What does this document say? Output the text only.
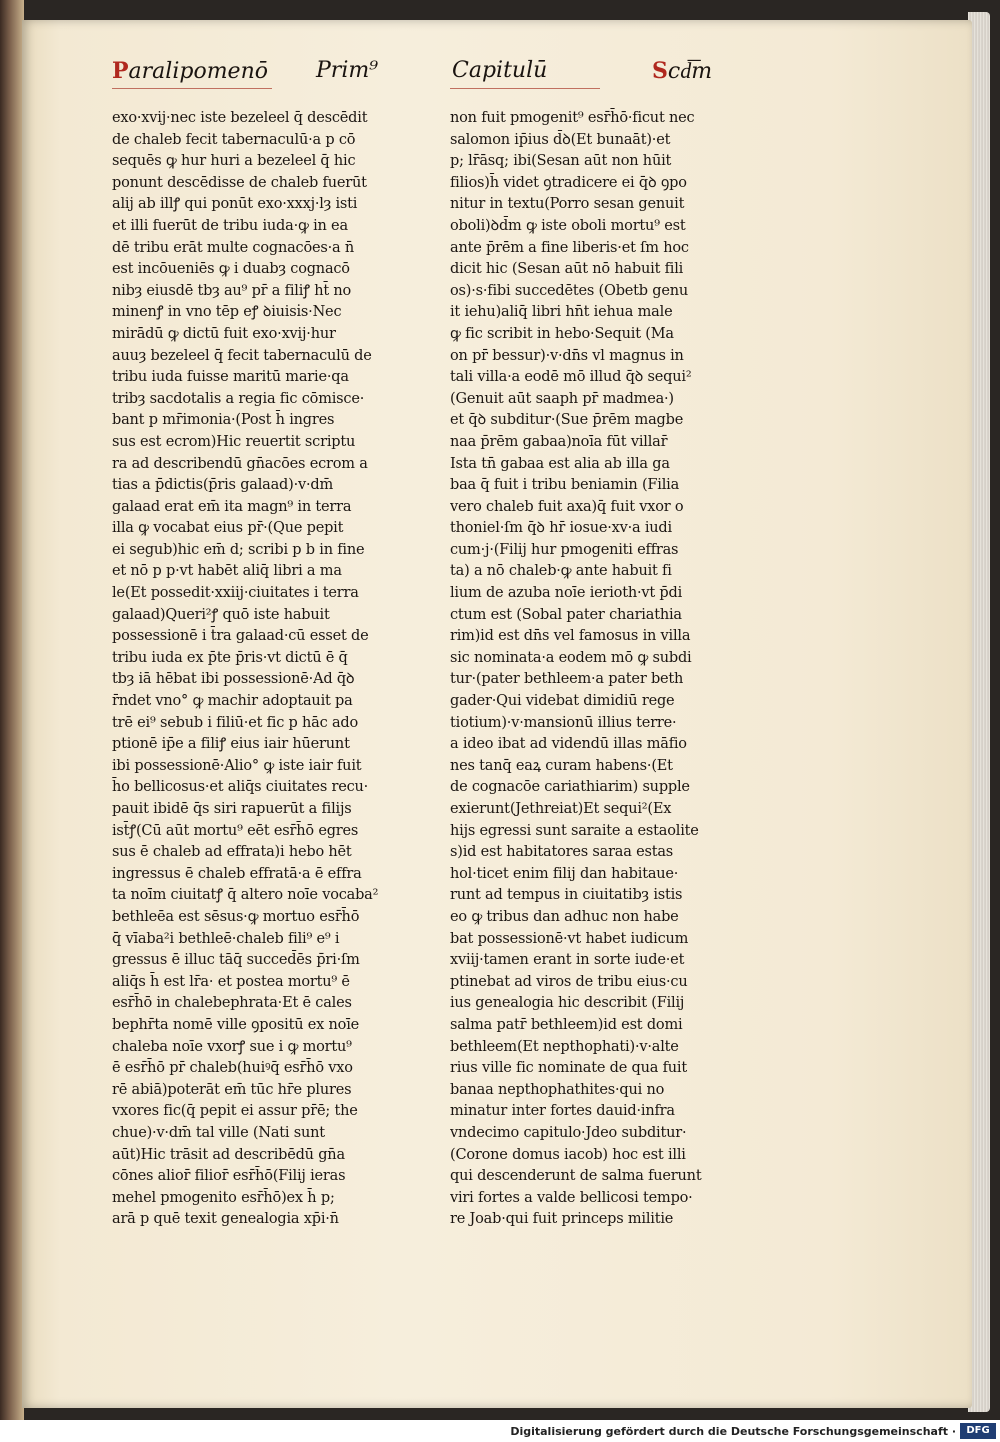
Paralipomenō Prim⁹	Capitulū	Scd͞m
exo·xvij·nec iste bezeleel q̄ descēdit
de chaleb fecit tabernaculū·a p cō
sequēs ꝙ hur huri a bezeleel q̄ hic
ponunt descēdisse de chaleb fuerūt
alij ab illꝭ qui ponūt exo·xxxj·lȝ isti
et illi fuerūt de tribu iuda·ꝙ in ea
dē tribu erāt multe cognacōes·a n̄
est incōueniēs ꝙ i duabȝ cognacō
nibȝ eiusdē tbȝ au⁹ pr̄ a filiꝭ ht̄ no
minenꝭ in vno tēp eꝭ ꝺiuisi̇s·Nec
mirādū ꝙ dictū fuit exo·xvij·hur
auuȝ bezeleel q̄ fecit tabernaculū de
tribu iuda fuisse maritū marie·qa
tribȝ sacdotalis a regia fic cōmisce·
bant p mr̄imonia·(Post h̄ ingres
sus est ecrom)Hic reuertit scriptu
ra ad describendū gn̄acōes ecrom a
tias a p̄dictis(p̄ris galaad)·v·dm̄
galaad erat em̄ ita magn⁹ in terra
illa ꝙ vocabat eius pr̄·(Que pepit
ei segub)hic em̄ d; scribi p b in fine
et nō p p·vt habēt aliq̄ libri a ma
le(Et possedit·xxiij·ciuitates i terra
galaad)Queri²ꝭ quō iste habuit
possessionē i t̄ra galaad·cū esset de
tribu iuda ex p̄te p̄ris·vt dictū ē q̄
tbȝ iā hēbat ibi possessionē·Ad q̄ꝺ
r̄ndet vno° ꝙ machir adoptauit pa
trē ei⁹ sebub i filiū·et fic p hāc ado
ptionē ip̄e a filiꝭ eius iair hūerunt
ibi possessionē·Alio° ꝙ iste iair fuit
h̄o bellicosus·et aliq̄s ciuitates recu·
pauit ibidē q̄s siri rapuerūt a filijs
ist̄ꝭ(Cū aūt mortu⁹ eēt esr̄h̄ō egres
sus ē chaleb ad effrata)i hebo hēt
ingressus ē chaleb effratā·a ē effra
ta noīm ciuitatꝭ q̄ altero noīe vocaba²
bethleēa est sēsus·ꝙ mortuo esr̄h̄ō
q̄ vīaba²i bethleē·chaleb fili⁹ e⁹ i
gressus ē illuc tāq̄ succed̄ēs p̄ri·ſm
aliq̄s h̄ est lr̄a· et postea mortu⁹ ē
esr̄h̄ō in chalebephrata·Et ē cales
bephr̄ta nomē ville ꝯpositū ex noīe
chaleba noīe vxorꝭ sue i ꝙ mortu⁹
ē esr̄h̄ō pr̄ chaleb(huiꝰq̄ esr̄h̄ō vxo
rē abiā)poterāt em̄ tūc hr̄e plures
vxores fic(q̄ pepit ei assur pr̄ē; the
chue)·v·dm̄ tal ville (Nati sunt
aūt)Hic trāsit ad describēdū gn̄a
cōnes alior̄ filior̄ esr̄h̄ō(Filij ieras
mehel pmogenito esr̄h̄ō)ex h̄ p;
arā p quē texit genealogia xp̄i·n̄
non fuit pmogenit⁹ esr̄h̄ō·ficut nec
salomon ip̄ius d̄ꝺ(Et bunaāt)·et
p; lr̄āsq; ibi(Sesan aūt non hūit
filios)h̄ videt ꝯtradicere ei q̄ꝺ ꝯpo
nitur in textu(Porro sesan genuit
oboli)ꝺd̄m ꝙ iste oboli mortu⁹ est
ante p̄rēm a fine liberis·et ſm hoc
dicit hic (Sesan aūt nō habuit fili
os)·s·fibi succedētes (Obetb genu
it iehu)aliq̄ libri hn̄t iehua male
ꝙ fic scribit in hebo·Sequit (Ma
on pr̄ bessur)·v·dn̄s vl magnus in
tali villa·a eodē mō illud q̄ꝺ sequi²
(Genuit aūt saaph pr̄ madmea·)
et q̄ꝺ subditur·(Sue p̄rēm magbe
naa p̄rēm gabaa)noīa fūt villar̄
Ista tn̄ gabaa est alia ab illa ga
baa q̄ fuit i tribu beniamin (Filia
vero chaleb fuit axa)q̄ fuit vxor o
thoniel·ſm q̄ꝺ hr̄ iosue·xv·a iudi
cum·j·(Filij hur pmogeniti effras
ta) a nō chaleb·ꝙ ante habuit fi
lium de azuba noīe ierioth·vt p̄di
ctum est (Sobal pater chariathia
rim)id est dn̄s vel famosus in villa
sic nominata·a eodem mō ꝙ subdi
tur·(pater bethleem·a pater beth
gader·Qui videbat dimidiū rege
tiotium)·v·mansionū illius terre·
a ideo ibat ad videndū illas māfio
nes tanq̄ eaꝝ curam habens·(Et
de cognacōe cariathiarim) supple
exierunt(Jethreiat)Et sequi²(Ex
hijs egressi sunt saraite a estaolite
s)id est habitatores saraa estas
hol·ticet enim filij dan habitaue·
runt ad tempus in ciuitatibȝ istis
eo ꝙ tribus dan adhuc non habe
bat possessionē·vt habet iudicum
xviij·tamen erant in sorte iude·et
ptinebat ad viros de tribu eius·cu
ius genealogia hic describit (Filij
salma patr̄ bethleem)id est domi
bethleem(Et nepthophati)·v·alte
rius ville fic nominate de qua fuit
banaa nepthophathites·qui no
minatur inter fortes dauid·infra
vndecimo capitulo·Jdeo subditur·
(Corone domus iacob) hoc est illi
qui descenderunt de salma fuerunt
viri fortes a valde bellicosi tempo·
re Joab·qui fuit princeps militie
Digitalisierung gefördert durch die Deutsche Forschungsgemeinschaft ·	DFG
